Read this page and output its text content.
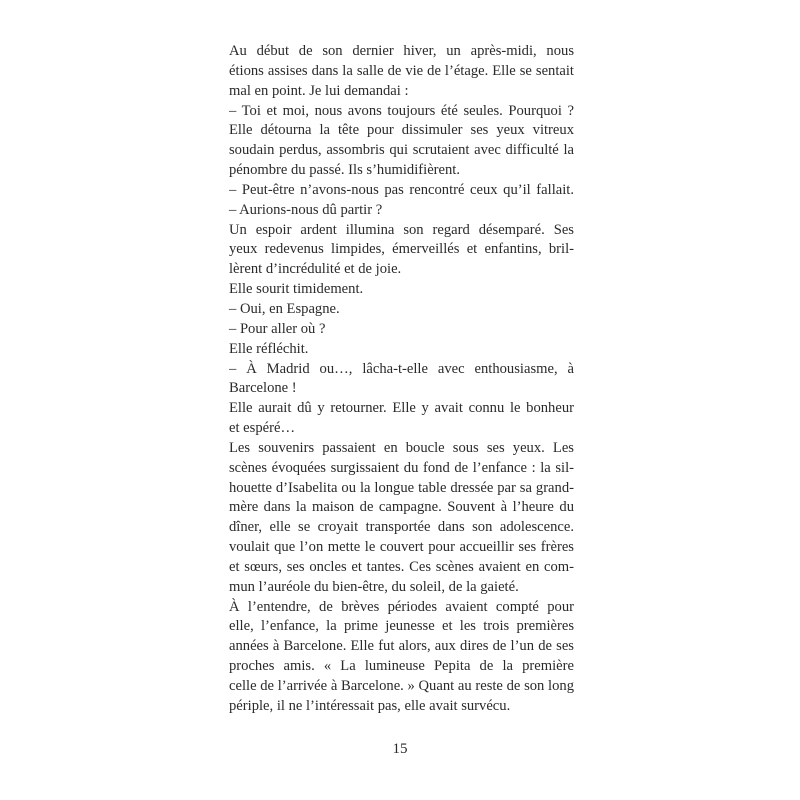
Au début de son dernier hiver, un après-midi, nous
étions assises dans la salle de vie de l’étage. Elle se sentait
mal en point. Je lui demandai :
– Toi et moi, nous avons toujours été seules. Pourquoi ?
Elle détourna la tête pour dissimuler ses yeux vitreux
soudain perdus, assombris qui scrutaient avec difficulté la
pénombre du passé. Ils s’humidifièrent.
– Peut-être n’avons-nous pas rencontré ceux qu’il fallait.
– Aurions-nous dû partir ?
Un espoir ardent illumina son regard désemparé. Ses
yeux redevenus limpides, émerveillés et enfantins, bril-
lèrent d’incrédulité et de joie.
Elle sourit timidement.
– Oui, en Espagne.
– Pour aller où ?
Elle réfléchit.
– À Madrid ou…, lâcha-t-elle avec enthousiasme, à
Barcelone !
Elle aurait dû y retourner. Elle y avait connu le bonheur
et espéré…
Les souvenirs passaient en boucle sous ses yeux. Les
scènes évoquées surgissaient du fond de l’enfance : la sil-
houette d’Isabelita ou la longue table dressée par sa grand-
mère dans la maison de campagne. Souvent à l’heure du
dîner, elle se croyait transportée dans son adolescence.
voulait que l’on mette le couvert pour accueillir ses frères
et sœurs, ses oncles et tantes. Ces scènes avaient en com-
mun l’auréole du bien-être, du soleil, de la gaieté.
À l’entendre, de brèves périodes avaient compté pour
elle, l’enfance, la prime jeunesse et les trois premières
années à Barcelone. Elle fut alors, aux dires de l’un de ses
proches amis. « La lumineuse Pepita de la première
celle de l’arrivée à Barcelone. » Quant au reste de son long
périple, il ne l’intéressait pas, elle avait survécu.
15
